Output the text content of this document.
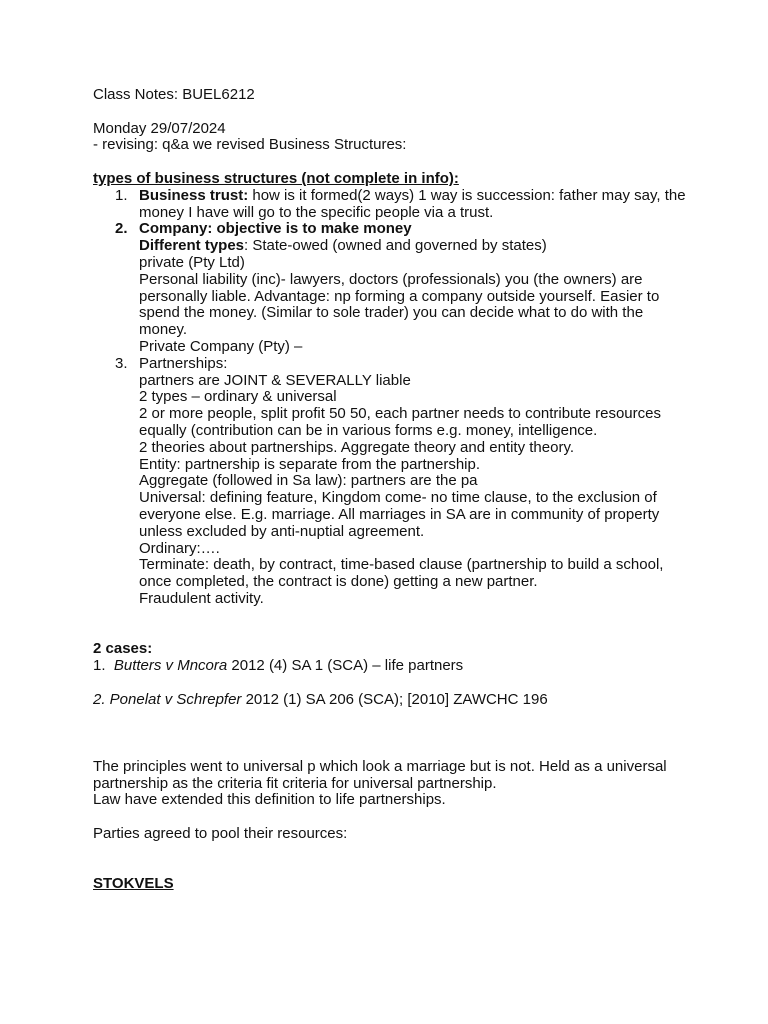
Class Notes: BUEL6212

Monday 29/07/2024

- revising: q&a we revised Business Structures:

types of business structures (not complete in info):

1. Business trust: how is it formed(2 ways) 1 way is succession: father may say, the money I have will go to the specific people via a trust.

2. Company: objective is to make money

Different types: State-owed (owned and governed by states)

private (Pty Ltd)

Personal liability (inc)- lawyers, doctors (professionals) you (the owners) are personally liable. Advantage: np forming a company outside yourself. Easier to spend the money. (Similar to sole trader) you can decide what to do with the money.

Private Company (Pty) –

3. Partnerships:

partners are JOINT & SEVERALLY liable

2 types – ordinary & universal

2 or more people, split profit 50 50, each partner needs to contribute resources equally (contribution can be in various forms e.g. money, intelligence.

2 theories about partnerships. Aggregate theory and entity theory.

Entity: partnership is separate from the partnership.

Aggregate (followed in Sa law): partners are the pa

Universal: defining feature, Kingdom come- no time clause, to the exclusion of everyone else. E.g. marriage. All marriages in SA are in community of property unless excluded by anti-nuptial agreement.

Ordinary:….

Terminate: death, by contract, time-based clause (partnership to build a school, once completed, the contract is done) getting a new partner.

Fraudulent activity.

2 cases:

1. Butters v Mncora 2012 (4) SA 1 (SCA) – life partners

2. Ponelat v Schrepfer 2012 (1) SA 206 (SCA); [2010] ZAWCHC 196

The principles went to universal p which look a marriage but is not. Held as a universal partnership as the criteria fit criteria for universal partnership.

Law have extended this definition to life partnerships.

Parties agreed to pool their resources:

STOKVELS
